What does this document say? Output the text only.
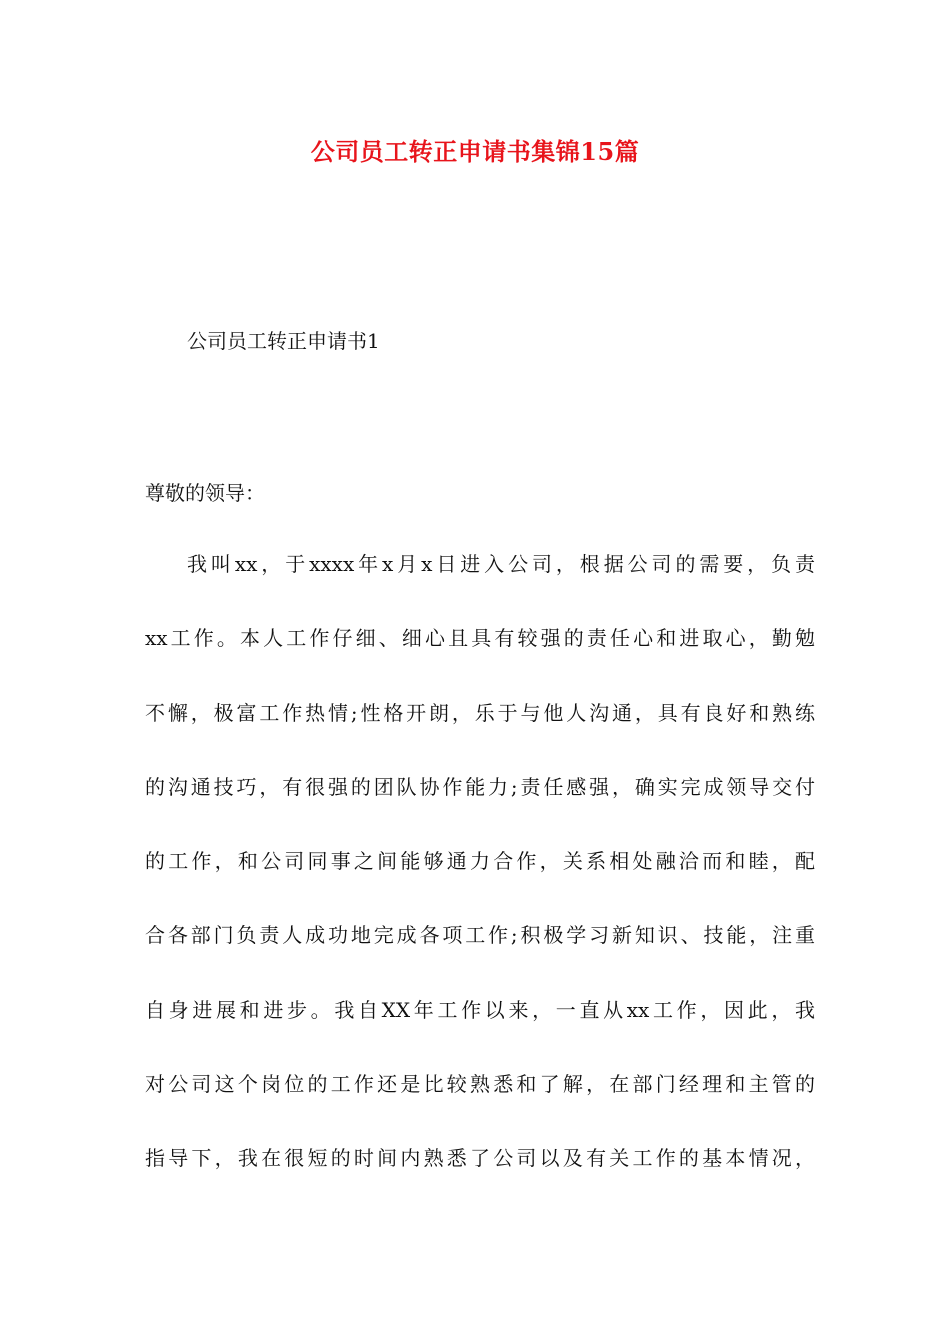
公司员工转正申请书集锦15篇
公司员工转正申请书1

尊敬的领导：

我叫xx，于xxxx年x月x日进入公司，根据公司的需要，负责
xx工作。本人工作仔细、细心且具有较强的责任心和进取心，勤勉
不懈，极富工作热情;性格开朗，乐于与他人沟通，具有良好和熟练
的沟通技巧，有很强的团队协作能力;责任感强，确实完成领导交付
的工作，和公司同事之间能够通力合作，关系相处融洽而和睦，配
合各部门负责人成功地完成各项工作;积极学习新知识、技能，注重
自身进展和进步。我自XX年工作以来，一直从xx工作，因此，我
对公司这个岗位的工作还是比较熟悉和了解，在部门经理和主管的
指导下，我在很短的时间内熟悉了公司以及有关工作的基本情况，
